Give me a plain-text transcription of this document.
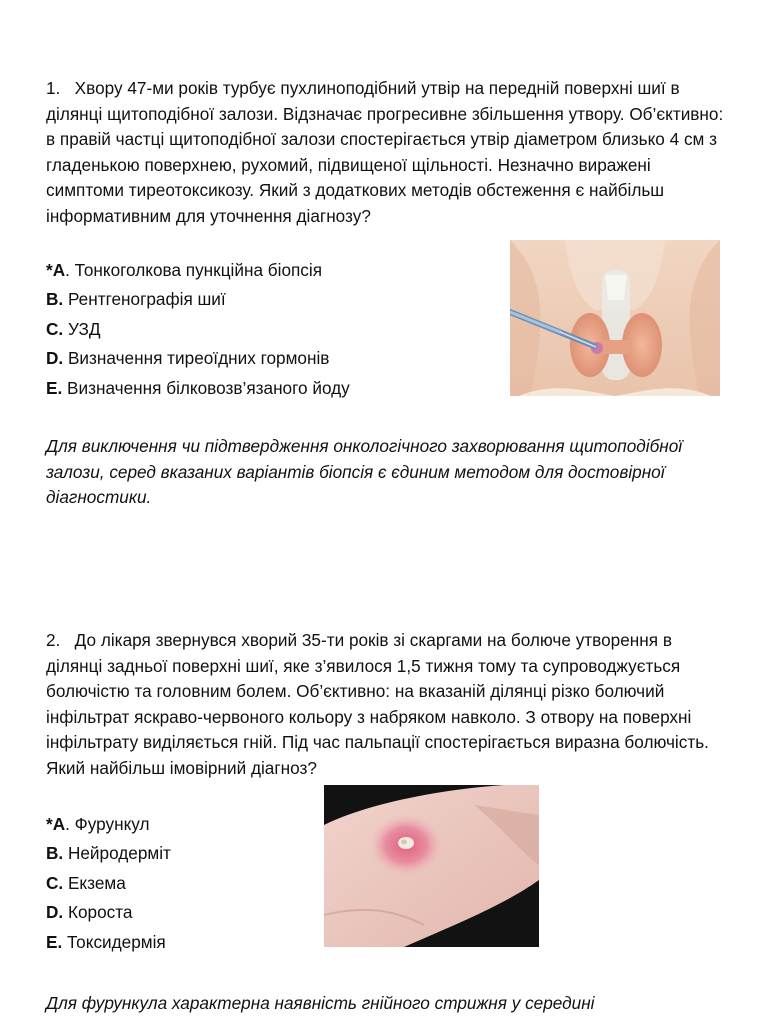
1. Хвору 47-ми років турбує пухлиноподібний утвір на передній поверхні шиї в ділянці щитоподібної залози. Відзначає прогресивне збільшення утвору. Об’єктивно: в правій частці щитоподібної залози спостерігається утвір діаметром близько 4 см з гладенькою поверхнею, рухомий, підвищеної щільності. Незначно виражені симптоми тиреотоксикозу. Який з додаткових методів обстеження є найбільш інформативним для уточнення діагнозу?

*A. Тонкоголкова пункційна біопсія
B. Рентгенографія шиї
C. УЗД
D. Визначення тиреоїдних гормонів
E. Визначення білковозв’язаного йоду

Для виключення чи підтвердження онкологічного захворювання щитоподібної залози, серед вказаних варіантів біопсія є єдиним методом для достовірної діагностики.

2. До лікаря звернувся хворий 35-ти років зі скаргами на болюче утворення в ділянці задньої поверхні шиї, яке з’явилося 1,5 тижня тому та супроводжується болючістю та головним болем. Об’єктивно: на вказаній ділянці різко болючий інфільтрат яскраво-червоного кольору з набряком навколо. З отвору на поверхні інфільтрату виділяється гній. Під час пальпації спостерігається виразна болючість. Який найбільш імовірний діагноз?

*A. Фурункул
B. Нейродерміт
C. Екзема
D. Короста
E. Токсидермія

Для фурункула характерна наявність гнійного стрижня у середині
